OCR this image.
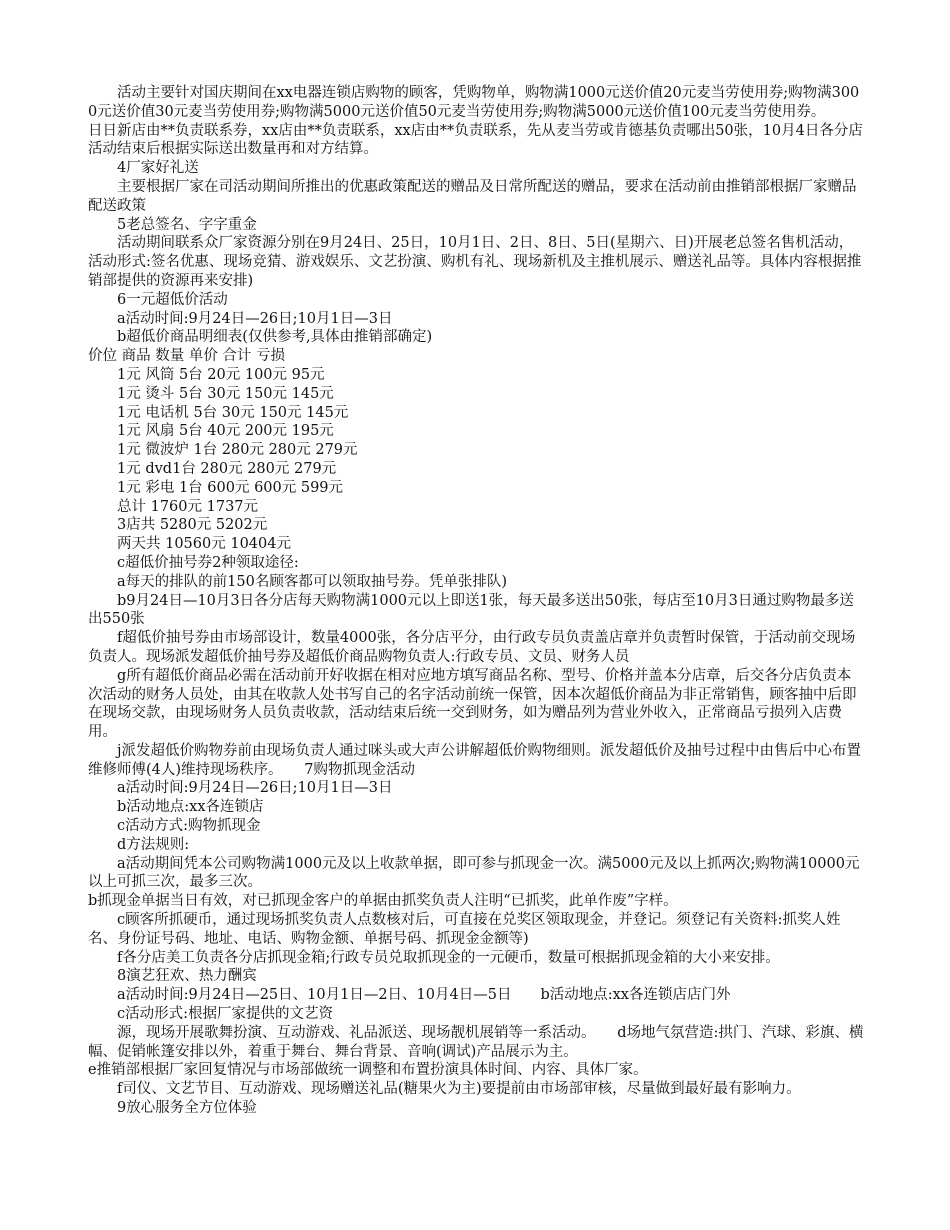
活动主要针对国庆期间在xx电器连锁店购物的顾客，凭购物单，购物满1000元送价值20元麦当劳使用券;购物满3000元送价值30元麦当劳使用券;购物满5000元送价值50元麦当劳使用券;购物满5000元送价值100元麦当劳使用券。

日日新店由**负责联系券，xx店由**负责联系，xx店由**负责联系，先从麦当劳或肯德基负责哪出50张，10月4日各分店活动结束后根据实际送出数量再和对方结算。

4厂家好礼送

主要根据厂家在司活动期间所推出的优惠政策配送的赠品及日常所配送的赠品，要求在活动前由推销部根据厂家赠品配送政策

5老总签名、字字重金

活动期间联系众厂家资源分别在9月24日、25日，10月1日、2日、8日、5日(星期六、日)开展老总签名售机活动，活动形式:签名优惠、现场竞猜、游戏娱乐、文艺扮演、购机有礼、现场新机及主推机展示、赠送礼品等。具体内容根据推销部提供的资源再来安排)

6一元超低价活动

a活动时间:9月24日—26日;10月1日—3日

b超低价商品明细表(仅供参考,具体由推销部确定)

价位 商品 数量 单价 合计 亏损

1元 风筒 5台 20元 100元 95元

1元 烫斗 5台 30元 150元 145元

1元 电话机 5台 30元 150元 145元

1元 风扇 5台 40元 200元 195元

1元 微波炉 1台 280元 280元 279元

1元 dvd1台 280元 280元 279元

1元 彩电 1台 600元 600元 599元

总计 1760元 1737元

3店共 5280元 5202元

两天共 10560元 10404元

c超低价抽号券2种领取途径:

a每天的排队的前150名顾客都可以领取抽号券。凭单张排队)

b9月24日—10月3日各分店每天购物满1000元以上即送1张，每天最多送出50张，每店至10月3日通过购物最多送出550张

f超低价抽号券由市场部设计，数量4000张，各分店平分，由行政专员负责盖店章并负责暂时保管，于活动前交现场负责人。现场派发超低价抽号券及超低价商品购物负责人:行政专员、文员、财务人员

g所有超低价商品必需在活动前开好收据在相对应地方填写商品名称、型号、价格并盖本分店章，后交各分店负责本次活动的财务人员处，由其在收款人处书写自己的名字活动前统一保管，因本次超低价商品为非正常销售，顾客抽中后即在现场交款，由现场财务人员负责收款，活动结束后统一交到财务，如为赠品列为营业外收入，正常商品亏损列入店费用。

j派发超低价购物券前由现场负责人通过咪头或大声公讲解超低价购物细则。派发超低价及抽号过程中由售后中心布置维修师傅(4人)维持现场秩序。　　7购物抓现金活动

a活动时间:9月24日—26日;10月1日—3日

b活动地点:xx各连锁店

c活动方式:购物抓现金

d方法规则:

a活动期间凭本公司购物满1000元及以上收款单据，即可参与抓现金一次。满5000元及以上抓两次;购物满10000元以上可抓三次，最多三次。

b抓现金单据当日有效，对已抓现金客户的单据由抓奖负责人注明“已抓奖，此单作废”字样。

c顾客所抓硬币，通过现场抓奖负责人点数核对后，可直接在兑奖区领取现金，并登记。须登记有关资料:抓奖人姓名、身份证号码、地址、电话、购物金额、单据号码、抓现金金额等)

f各分店美工负责各分店抓现金箱;行政专员兑取抓现金的一元硬币，数量可根据抓现金箱的大小来安排。

8演艺狂欢、热力酬宾

a活动时间:9月24日—25日、10月1日—2日、10月4日—5日　　b活动地点:xx各连锁店店门外

c活动形式:根据厂家提供的文艺资

源，现场开展歌舞扮演、互动游戏、礼品派送、现场靓机展销等一系活动。　　d场地气氛营造:拱门、汽球、彩旗、横幅、促销帐篷安排以外，着重于舞台、舞台背景、音响(调试)产品展示为主。

e推销部根据厂家回复情况与市场部做统一调整和布置扮演具体时间、内容、具体厂家。

f司仪、文艺节目、互动游戏、现场赠送礼品(糖果火为主)要提前由市场部审核，尽量做到最好最有影响力。

9放心服务全方位体验
